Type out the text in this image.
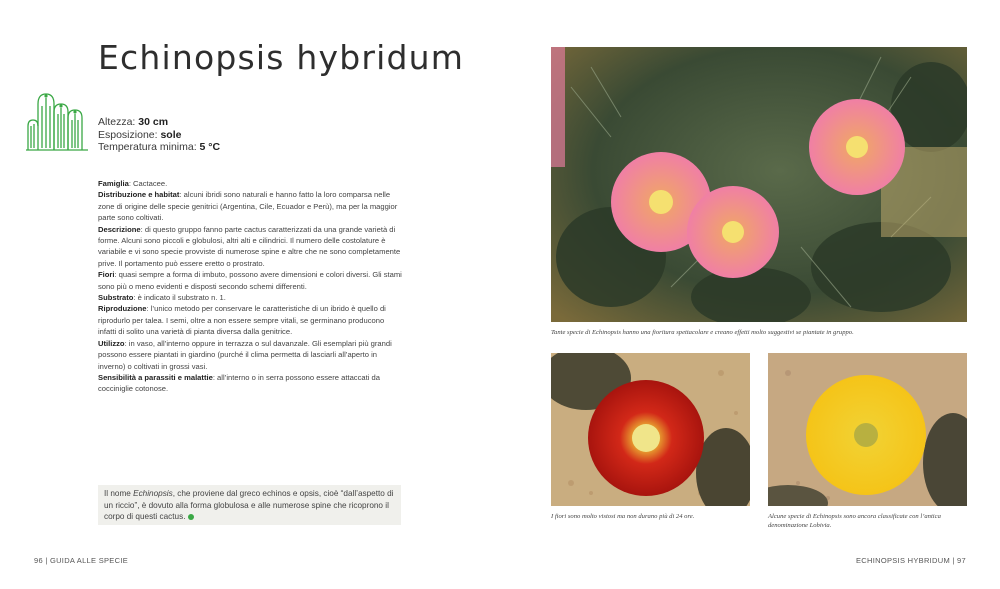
Echinopsis hybridum
Altezza: 30 cm
Esposizione: sole
Temperatura minima: 5 °C

Famiglia: Cactacee.

Distribuzione e habitat: alcuni ibridi sono naturali e hanno fatto la loro comparsa nelle zone di origine delle specie genitrici (Argentina, Cile, Ecuador e Perù), ma per la maggior parte sono coltivati.

Descrizione: di questo gruppo fanno parte cactus caratterizzati da una grande varietà di forme. Alcuni sono piccoli e globulosi, altri alti e cilindrici. Il numero delle costolature è variabile e vi sono specie provviste di numerose spine e altre che ne sono completamente prive. Il portamento può essere eretto o prostrato.

Fiori: quasi sempre a forma di imbuto, possono avere dimensioni e colori diversi. Gli stami sono più o meno evidenti e disposti secondo schemi differenti.

Substrato: è indicato il substrato n. 1.

Riproduzione: l’unico metodo per conservare le caratteristiche di un ibrido è quello di riprodurlo per talea. I semi, oltre a non essere sempre vitali, se germinano producono infatti di solito una varietà di pianta diversa dalla genitrice.

Utilizzo: in vaso, all’interno oppure in terrazza o sul davanzale. Gli esemplari più grandi possono essere piantati in giardino (purché il clima permetta di lasciarli all’aperto in inverno) o coltivati in grossi vasi.

Sensibilità a parassiti e malattie: all’interno o in serra possono essere attaccati da cocciniglie cotonose.

Il nome Echinopsis, che proviene dal greco echinos e opsis, cioè “dall’aspetto di un riccio”, è dovuto alla forma globulosa e alle numerose spine che ricoprono il corpo di questi cactus.
96 | GUIDA ALLE SPECIE
Tante specie di Echinopsis hanno una fioritura spettacolare e creano effetti molto suggestivi se piantate in gruppo.
I fiori sono molto vistosi ma non durano più di 24 ore.	Alcune specie di Echinopsis sono ancora classificate con l’antica denominazione Lobivia.
ECHINOPSIS HYBRIDUM | 97
